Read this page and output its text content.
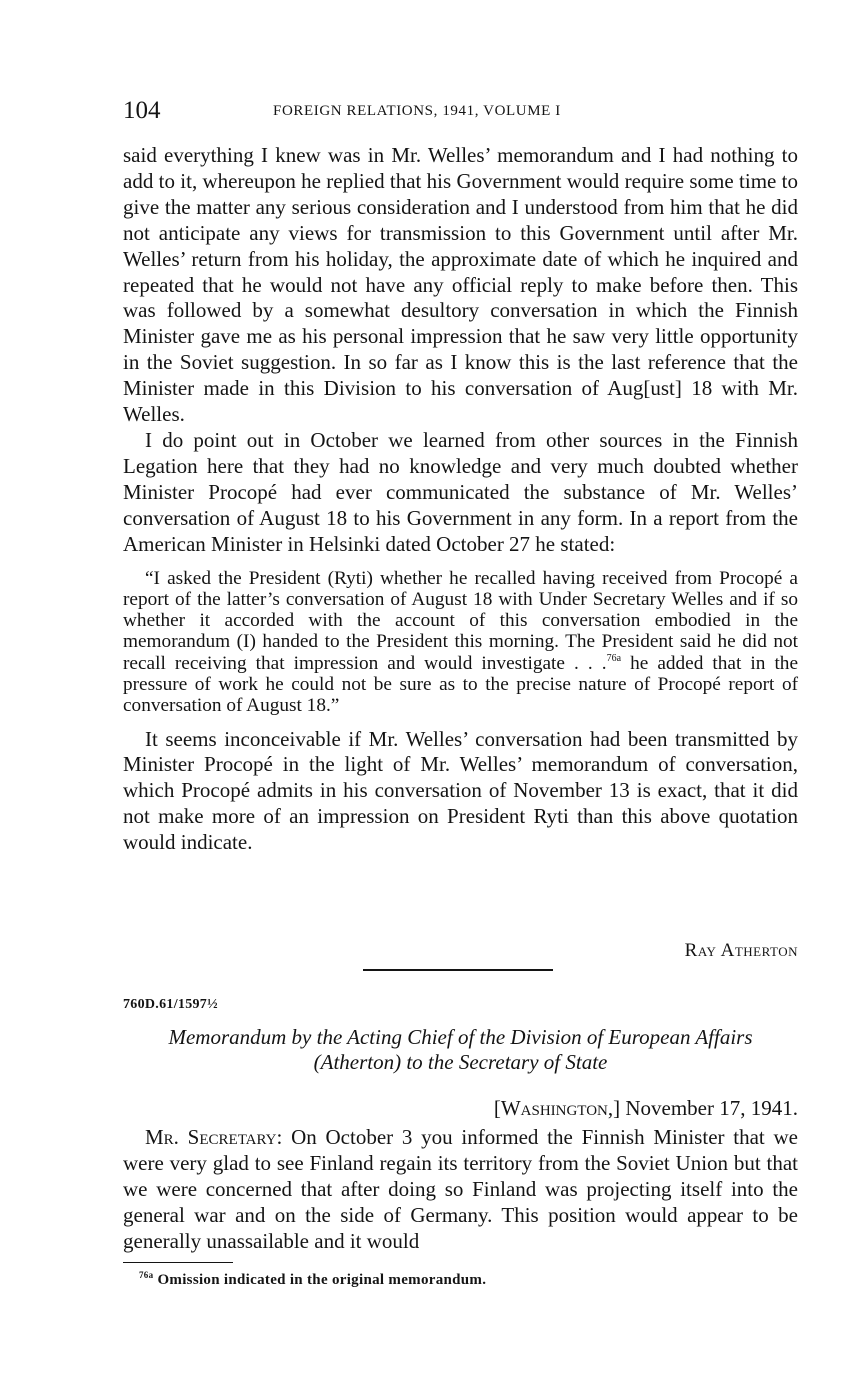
104	FOREIGN RELATIONS, 1941, VOLUME I

said everything I knew was in Mr. Welles’ memorandum and I had nothing to add to it, whereupon he replied that his Government would require some time to give the matter any serious consideration and I understood from him that he did not anticipate any views for transmission to this Government until after Mr. Welles’ return from his holiday, the approximate date of which he inquired and repeated that he would not have any official reply to make before then. This was followed by a somewhat desultory conversation in which the Finnish Minister gave me as his personal impression that he saw very little opportunity in the Soviet suggestion. In so far as I know this is the last reference that the Minister made in this Division to his conversation of Aug[ust] 18 with Mr. Welles.

I do point out in October we learned from other sources in the Finnish Legation here that they had no knowledge and very much doubted whether Minister Procopé had ever communicated the substance of Mr. Welles’ conversation of August 18 to his Government in any form. In a report from the American Minister in Helsinki dated October 27 he stated:

“I asked the President (Ryti) whether he recalled having received from Procopé a report of the latter’s conversation of August 18 with Under Secretary Welles and if so whether it accorded with the account of this conversation embodied in the memorandum (I) handed to the President this morning. The President said he did not recall receiving that impression and would investigate . . .$^{76a}$ he added that in the pressure of work he could not be sure as to the precise nature of Procopé report of conversation of August 18.”

It seems inconceivable if Mr. Welles’ conversation had been transmitted by Minister Procopé in the light of Mr. Welles’ memorandum of conversation, which Procopé admits in his conversation of November 13 is exact, that it did not make more of an impression on President Ryti than this above quotation would indicate.

Ray Atherton
760D.61/1597½
Memorandum by the Acting Chief of the Division of European Affairs
(Atherton) to the Secretary of State
[Washington,] November 17, 1941.

Mr. Secretary: On October 3 you informed the Finnish Minister that we were very glad to see Finland regain its territory from the Soviet Union but that we were concerned that after doing so Finland was projecting itself into the general war and on the side of Germany. This position would appear to be generally unassailable and it would

$^{76a}$ Omission indicated in the original memorandum.
